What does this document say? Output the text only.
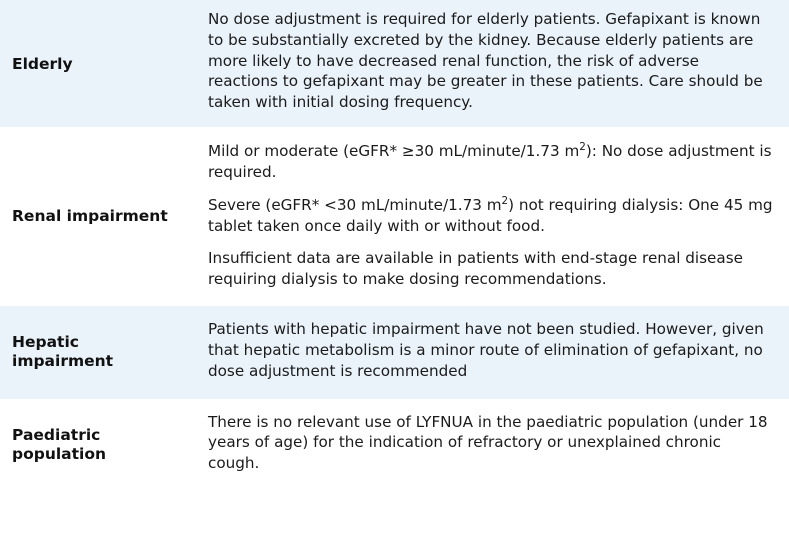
Elderly	No dose adjustment is required for elderly patients. Gefapixant is known to be substantially excreted by the kidney. Because elderly patients are more likely to have decreased renal function, the risk of adverse reactions to gefapixant may be greater in these patients. Care should be taken with initial dosing frequency.

Renal impairment	Mild or moderate (eGFR* ≥30 mL/minute/1.73 $m^2$): No dose adjustment is required.

Severe (eGFR* <30 mL/minute/1.73 $m^2$) not requiring dialysis: One 45 mg tablet taken once daily with or without food.

Insufficient data are available in patients with end-stage renal disease requiring dialysis to make dosing recommendations.

Hepatic impairment	Patients with hepatic impairment have not been studied. However, given that hepatic metabolism is a minor route of elimination of gefapixant, no dose adjustment is recommended

Paediatric population	There is no relevant use of LYFNUA in the paediatric population (under 18 years of age) for the indication of refractory or unexplained chronic cough.
